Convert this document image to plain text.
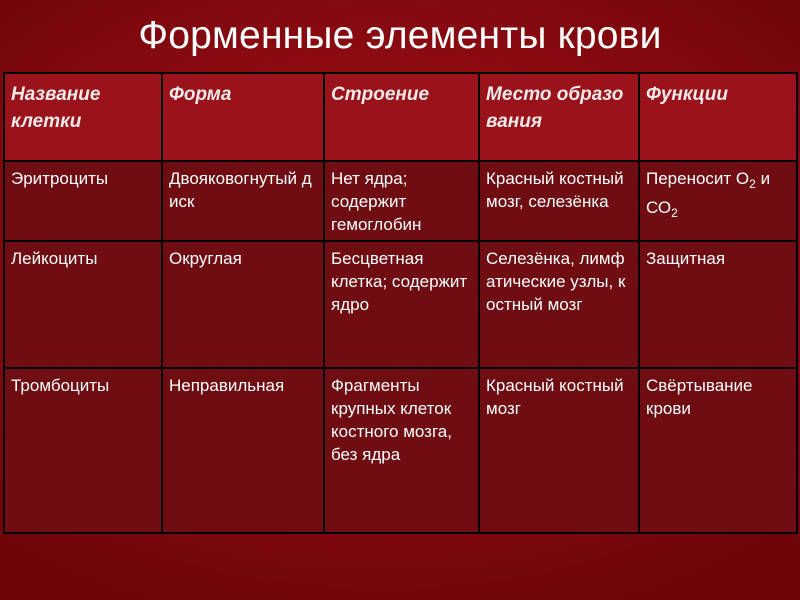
Форменные элементы крови
Название клетки	Форма	Строение	Место образования	Функции
Эритроциты	Двояковогнутый диск	Нет ядра; содержит гемоглобин	Красный костный мозг, селезёнка	Переносит $О_2$ и $СО_2$
Лейкоциты	Округлая	Бесцветная клетка; содержит ядро	Селезёнка, лимфатические узлы, костный мозг	Защитная
Тромбоциты	Неправильная	Фрагменты крупных клеток костного мозга, без ядра	Красный костный мозг	Свёртывание крови
